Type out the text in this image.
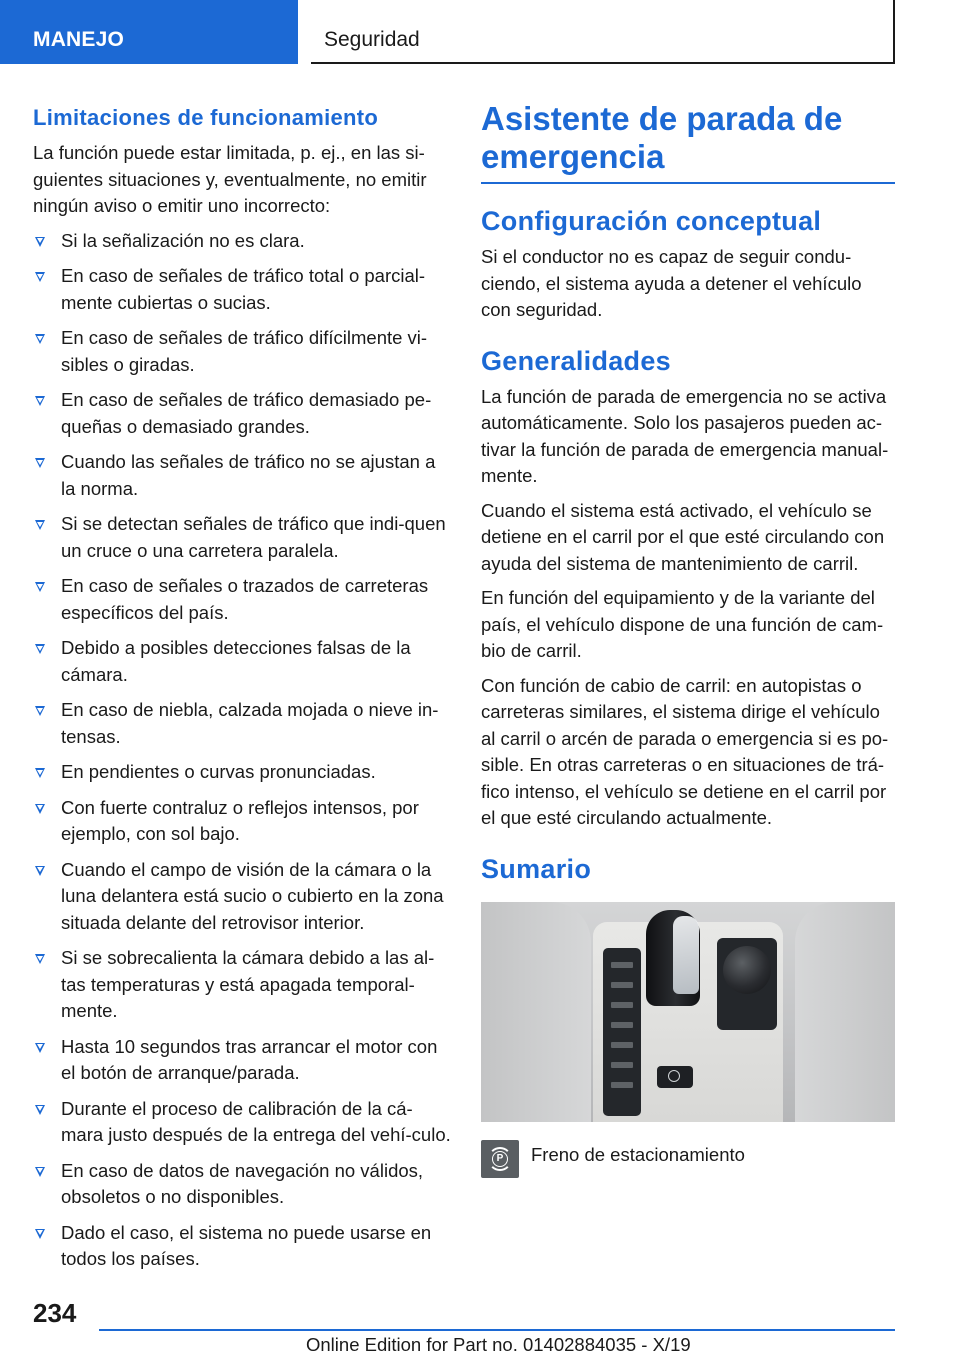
MANEJO	Seguridad
Limitaciones de funcionamiento

La función puede estar limitada, p. ej., en las si-guientes situaciones y, eventualmente, no emitir ningún aviso o emitir uno incorrecto:

Si la señalización no es clara.
En caso de señales de tráfico total o parcial-mente cubiertas o sucias.
En caso de señales de tráfico difícilmente vi-sibles o giradas.
En caso de señales de tráfico demasiado pe-queñas o demasiado grandes.
Cuando las señales de tráfico no se ajustan a la norma.
Si se detectan señales de tráfico que indi-quen un cruce o una carretera paralela.
En caso de señales o trazados de carreteras específicos del país.
Debido a posibles detecciones falsas de la cámara.
En caso de niebla, calzada mojada o nieve in-tensas.
En pendientes o curvas pronunciadas.
Con fuerte contraluz o reflejos intensos, por ejemplo, con sol bajo.
Cuando el campo de visión de la cámara o la luna delantera está sucio o cubierto en la zona situada delante del retrovisor interior.
Si se sobrecalienta la cámara debido a las al-tas temperaturas y está apagada temporal-mente.
Hasta 10 segundos tras arrancar el motor con el botón de arranque/parada.
Durante el proceso de calibración de la cá-mara justo después de la entrega del vehí-culo.
En caso de datos de navegación no válidos, obsoletos o no disponibles.
Dado el caso, el sistema no puede usarse en todos los países.
Asistente de parada de emergencia
Configuración conceptual

Si el conductor no es capaz de seguir condu-ciendo, el sistema ayuda a detener el vehículo con seguridad.

Generalidades

La función de parada de emergencia no se activa automáticamente. Solo los pasajeros pueden ac-tivar la función de parada de emergencia manual-mente.

Cuando el sistema está activado, el vehículo se detiene en el carril por el que esté circulando con ayuda del sistema de mantenimiento de carril.

En función del equipamiento y de la variante del país, el vehículo dispone de una función de cam-bio de carril.

Con función de cabio de carril: en autopistas o carreteras similares, el sistema dirige el vehículo al carril o arcén de parada o emergencia si es po-sible. En otras carreteras o en situaciones de trá-fico intenso, el vehículo se detiene en el carril por el que esté circulando actualmente.

Sumario
P Freno de estacionamiento
234
Online Edition for Part no. 01402884035 - X/19
